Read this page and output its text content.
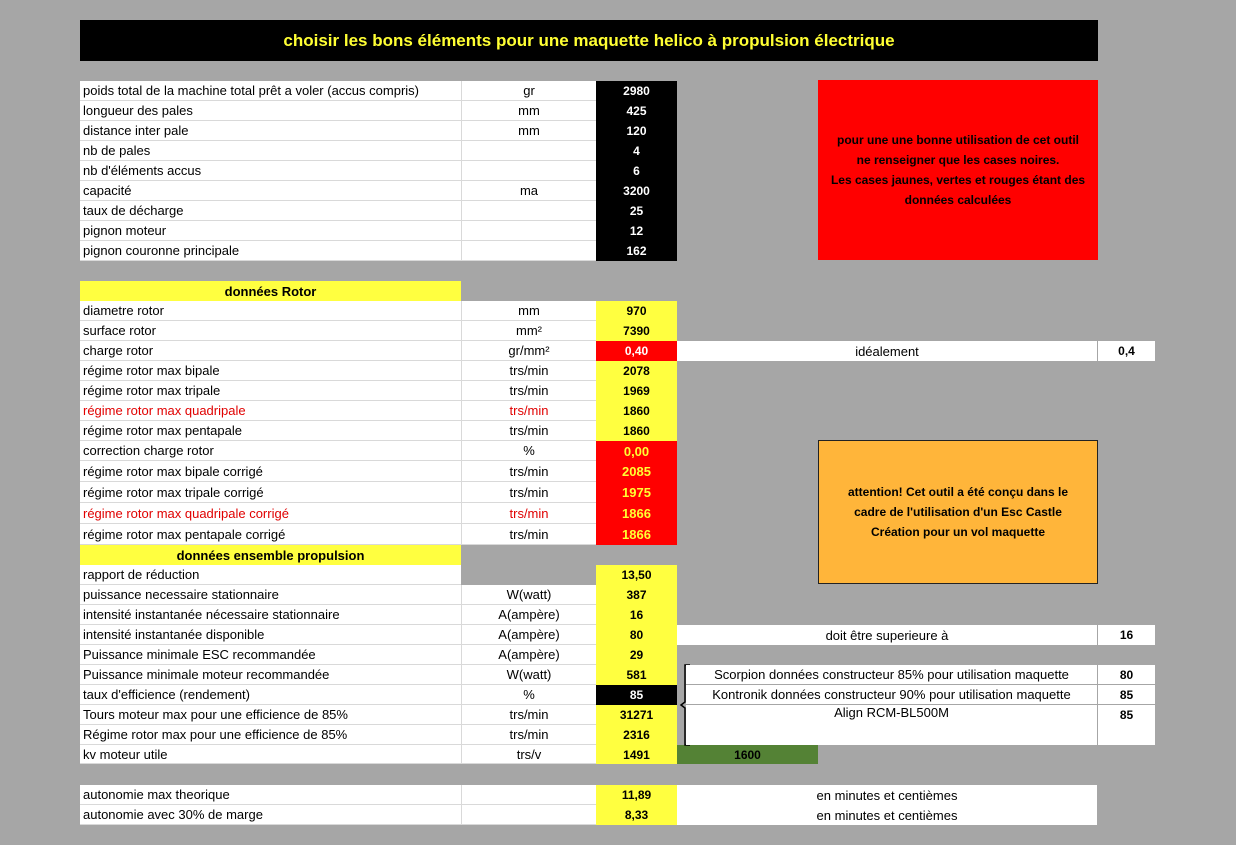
choisir les bons éléments pour une maquette helico à propulsion électrique
poids total de la machine total prêt a voler (accus compris)	gr	2980
longueur des pales	mm	425
distance inter pale	mm	120
nb de pales	4
nb d'éléments accus	6
capacité	ma	3200
taux de décharge	25
pignon moteur	12
pignon couronne principale	162
pour une une bonne utilisation de cet outil
ne renseigner que les cases noires.
Les cases jaunes, vertes et rouges étant des
données calculées
données Rotor
diametre rotor	mm	970
surface rotor	mm²	7390
charge rotor	gr/mm²	0,40	idéalement	0,4
régime rotor max bipale	trs/min	2078
régime rotor max tripale	trs/min	1969
régime rotor max quadripale	trs/min	1860
régime rotor max pentapale	trs/min	1860
correction charge rotor	%	0,00
régime rotor max bipale corrigé	trs/min	2085
régime rotor max tripale corrigé	trs/min	1975
régime rotor max quadripale corrigé	trs/min	1866
régime rotor max pentapale corrigé	trs/min	1866
attention! Cet outil a été conçu dans le
cadre de l'utilisation d'un Esc Castle
Création pour un vol maquette
données ensemble propulsion
rapport de réduction	13,50
puissance necessaire stationnaire	W(watt)	387
intensité instantanée nécessaire stationnaire	A(ampère)	16
intensité instantanée disponible	A(ampère)	80	doit être superieure à	16
Puissance minimale ESC recommandée	A(ampère)	29
Puissance minimale moteur recommandée	W(watt)	581
taux d'efficience (rendement)	%	85
Tours moteur max pour une efficience de 85%	trs/min	31271
Régime rotor max pour une efficience de 85%	trs/min	2316
kv moteur utile	trs/v	1491	1600
Scorpion données constructeur 85% pour utilisation maquette	80
Kontronik données constructeur 90% pour utilisation maquette	85
Align RCM-BL500M	85
autonomie max theorique	11,89	en minutes et centièmes
autonomie avec 30% de marge	8,33	en minutes et centièmes
